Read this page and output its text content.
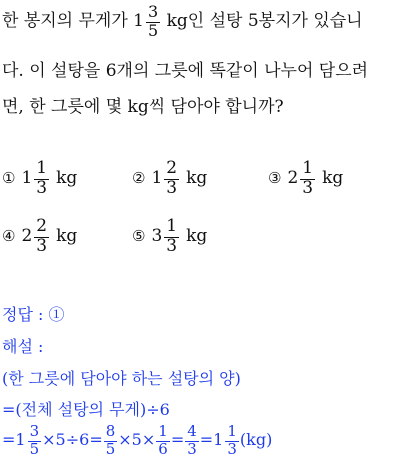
한 봉지의 무게가 $1 \frac{3}{5}$ kg인 설탕 5봉지가 있습니
다. 이 설탕을 6개의 그릇에 똑같이 나누어 담으려
면, 한 그릇에 몇 kg씩 담아야 합니까?
① $1 \frac{1}{3}$ kg	② $1 \frac{2}{3}$ kg	③ $2 \frac{1}{3}$ kg
④ $2 \frac{2}{3}$ kg	⑤ $3 \frac{1}{3}$ kg
정답 : ①
해설 :
(한 그릇에 담아야 하는 설탕의 양)
=(전체 설탕의 무게)÷6
$=1 \frac{3}{5} \times 5\div 6= \frac{8}{5} \times 5\times \frac{1}{6} = \frac{4}{3} =1 \frac{1}{3} (kg)$
